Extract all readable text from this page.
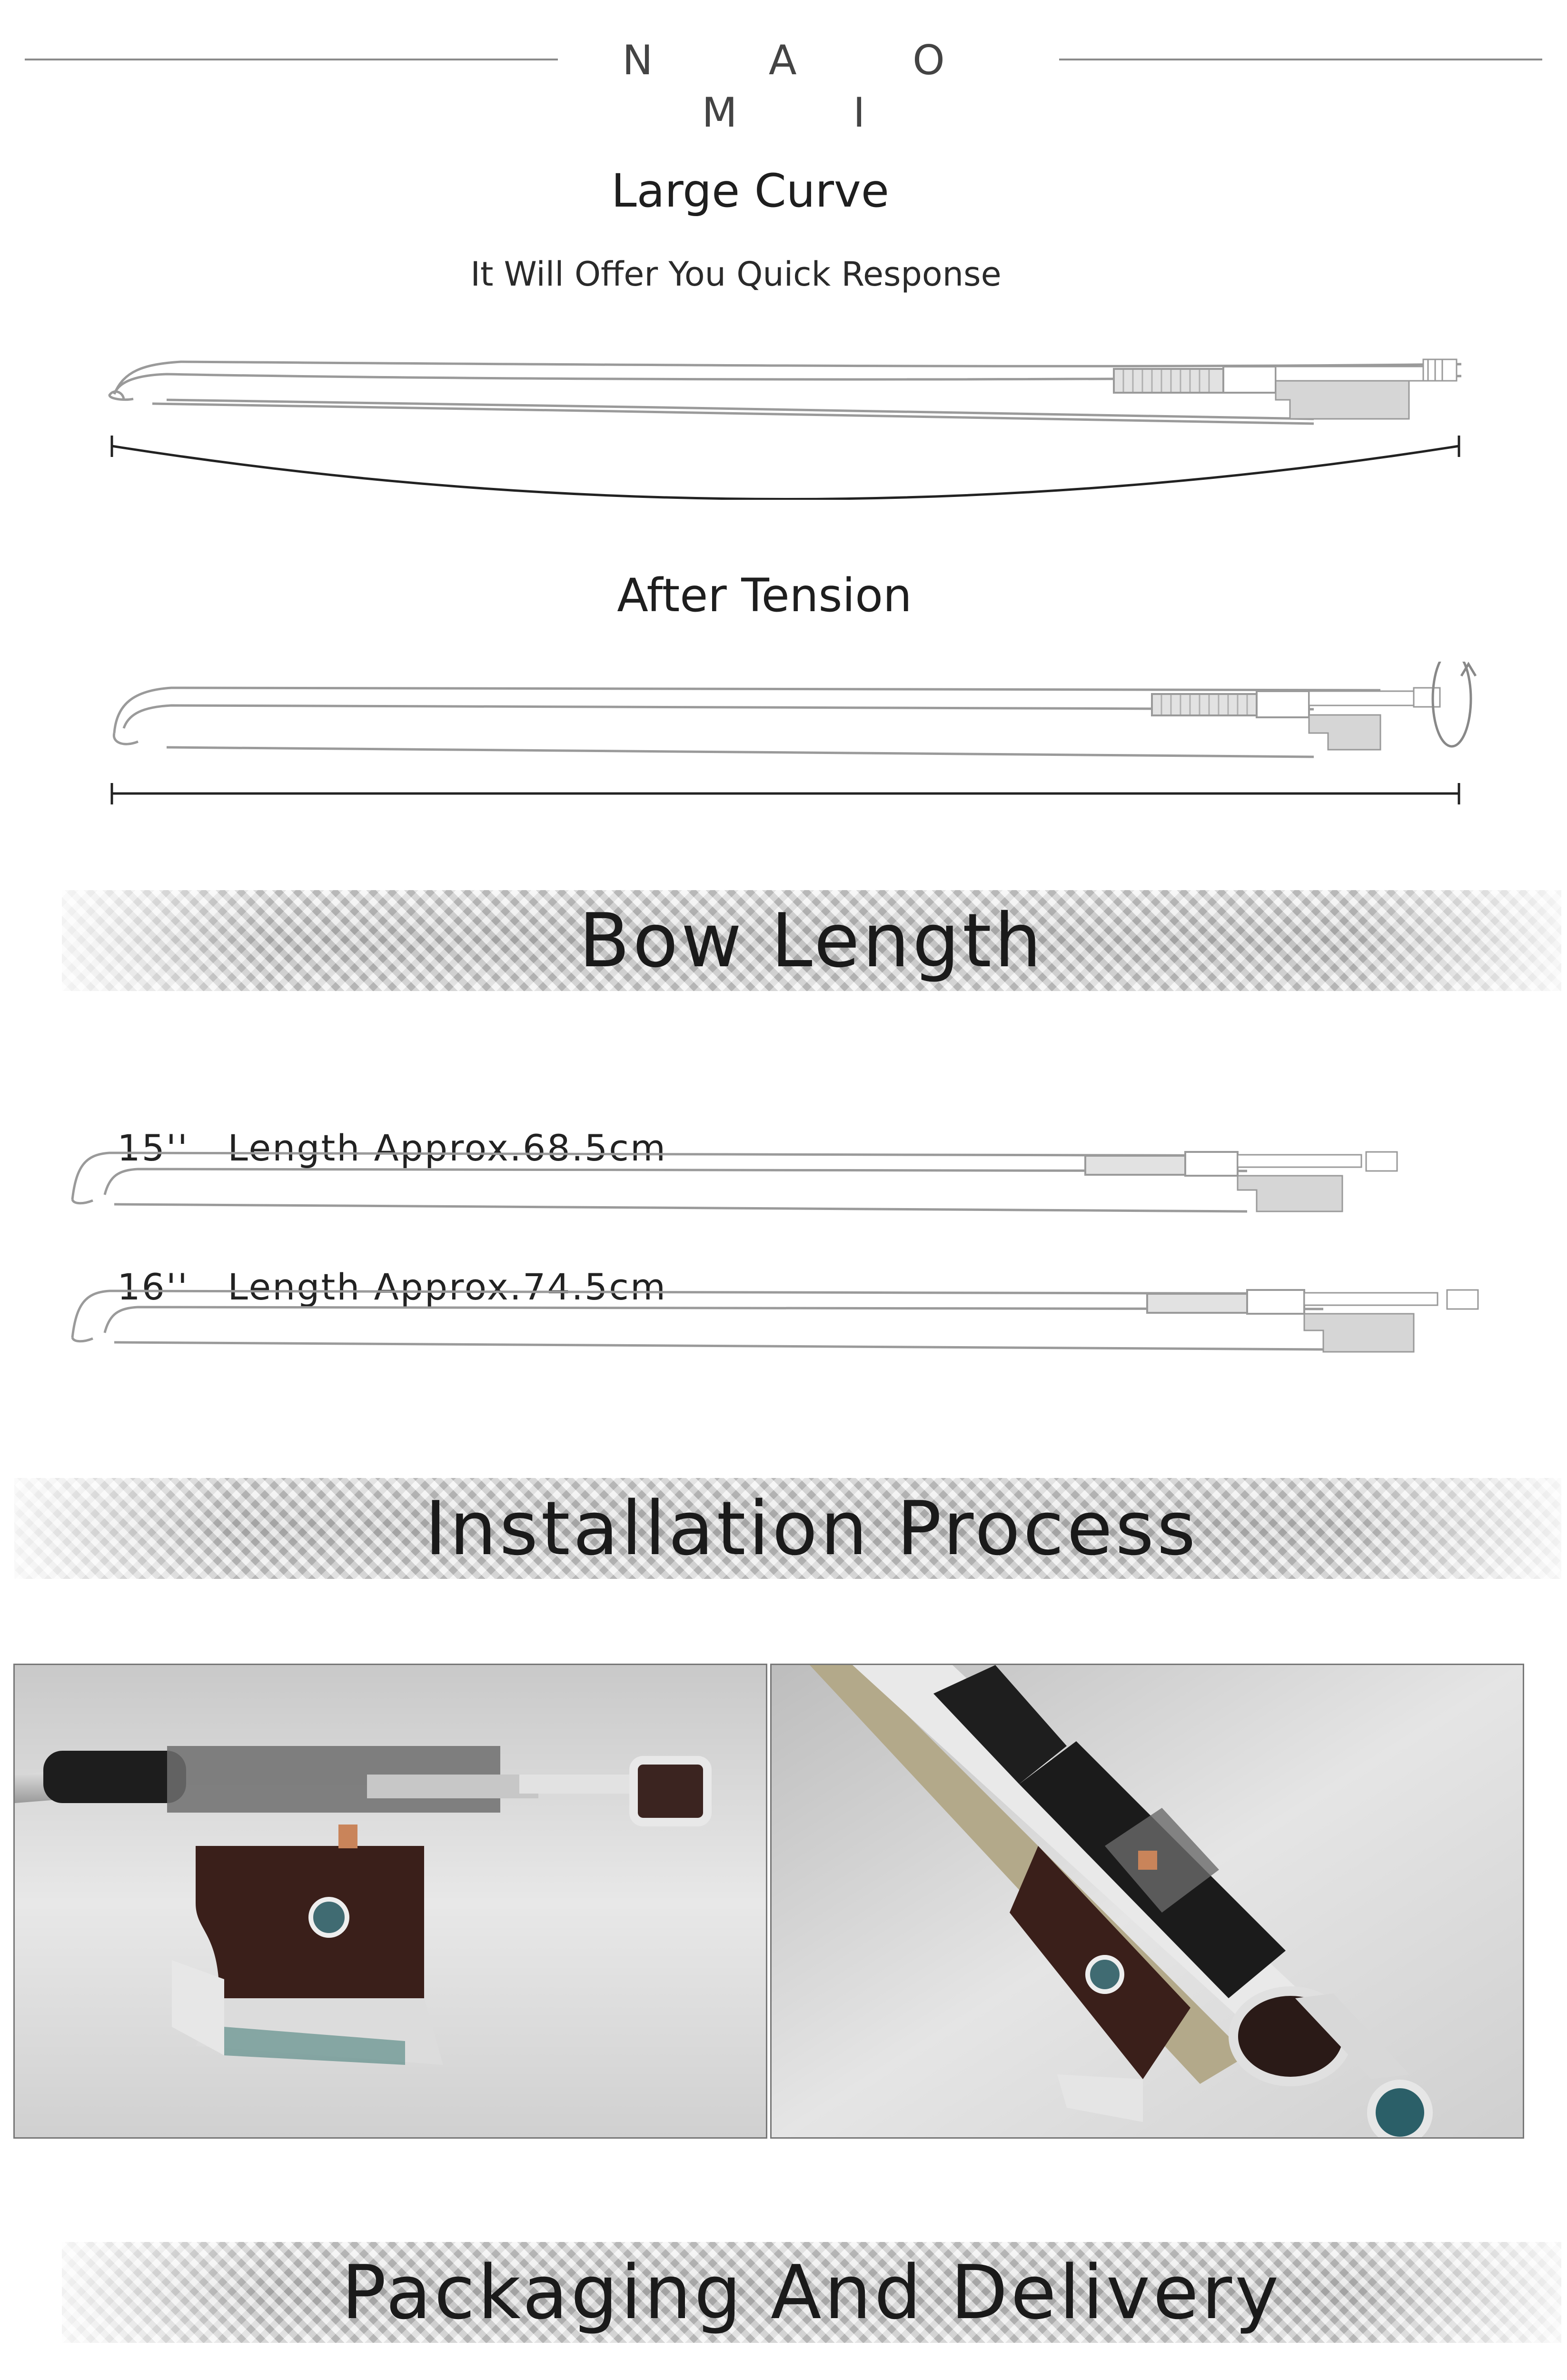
N A O M I
Large Curve
It Will Offer You Quick Response
After Tension
Bow Length

15'' Length Approx.68.5cm

16'' Length Approx.74.5cm

Installation Process
Packaging And Delivery
